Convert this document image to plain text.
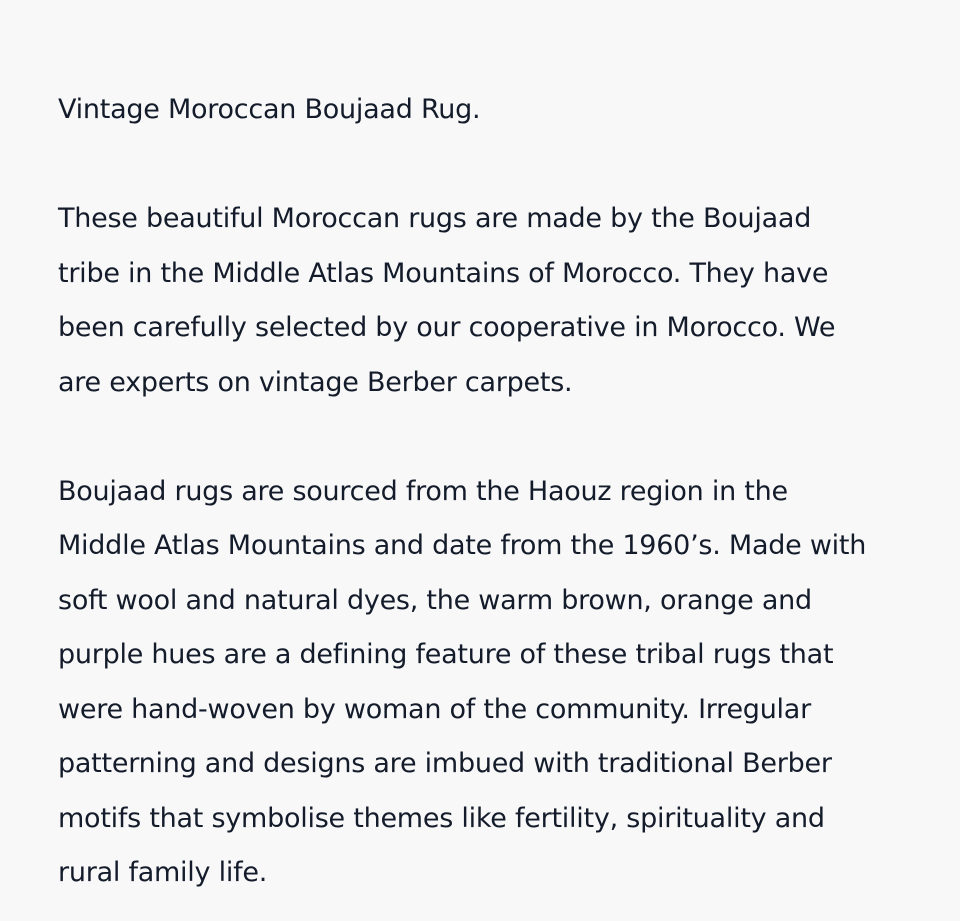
Vintage Moroccan Boujaad Rug.
These beautiful Moroccan rugs are made by the Boujaad
tribe in the Middle Atlas Mountains of Morocco. They have
been carefully selected by our cooperative in Morocco. We
are experts on vintage Berber carpets.
Boujaad rugs are sourced from the Haouz region in the
Middle Atlas Mountains and date from the 1960’s. Made with
soft wool and natural dyes, the warm brown, orange and
purple hues are a defining feature of these tribal rugs that
were hand-woven by woman of the community. Irregular
patterning and designs are imbued with traditional Berber
motifs that symbolise themes like fertility, spirituality and
rural family life.
